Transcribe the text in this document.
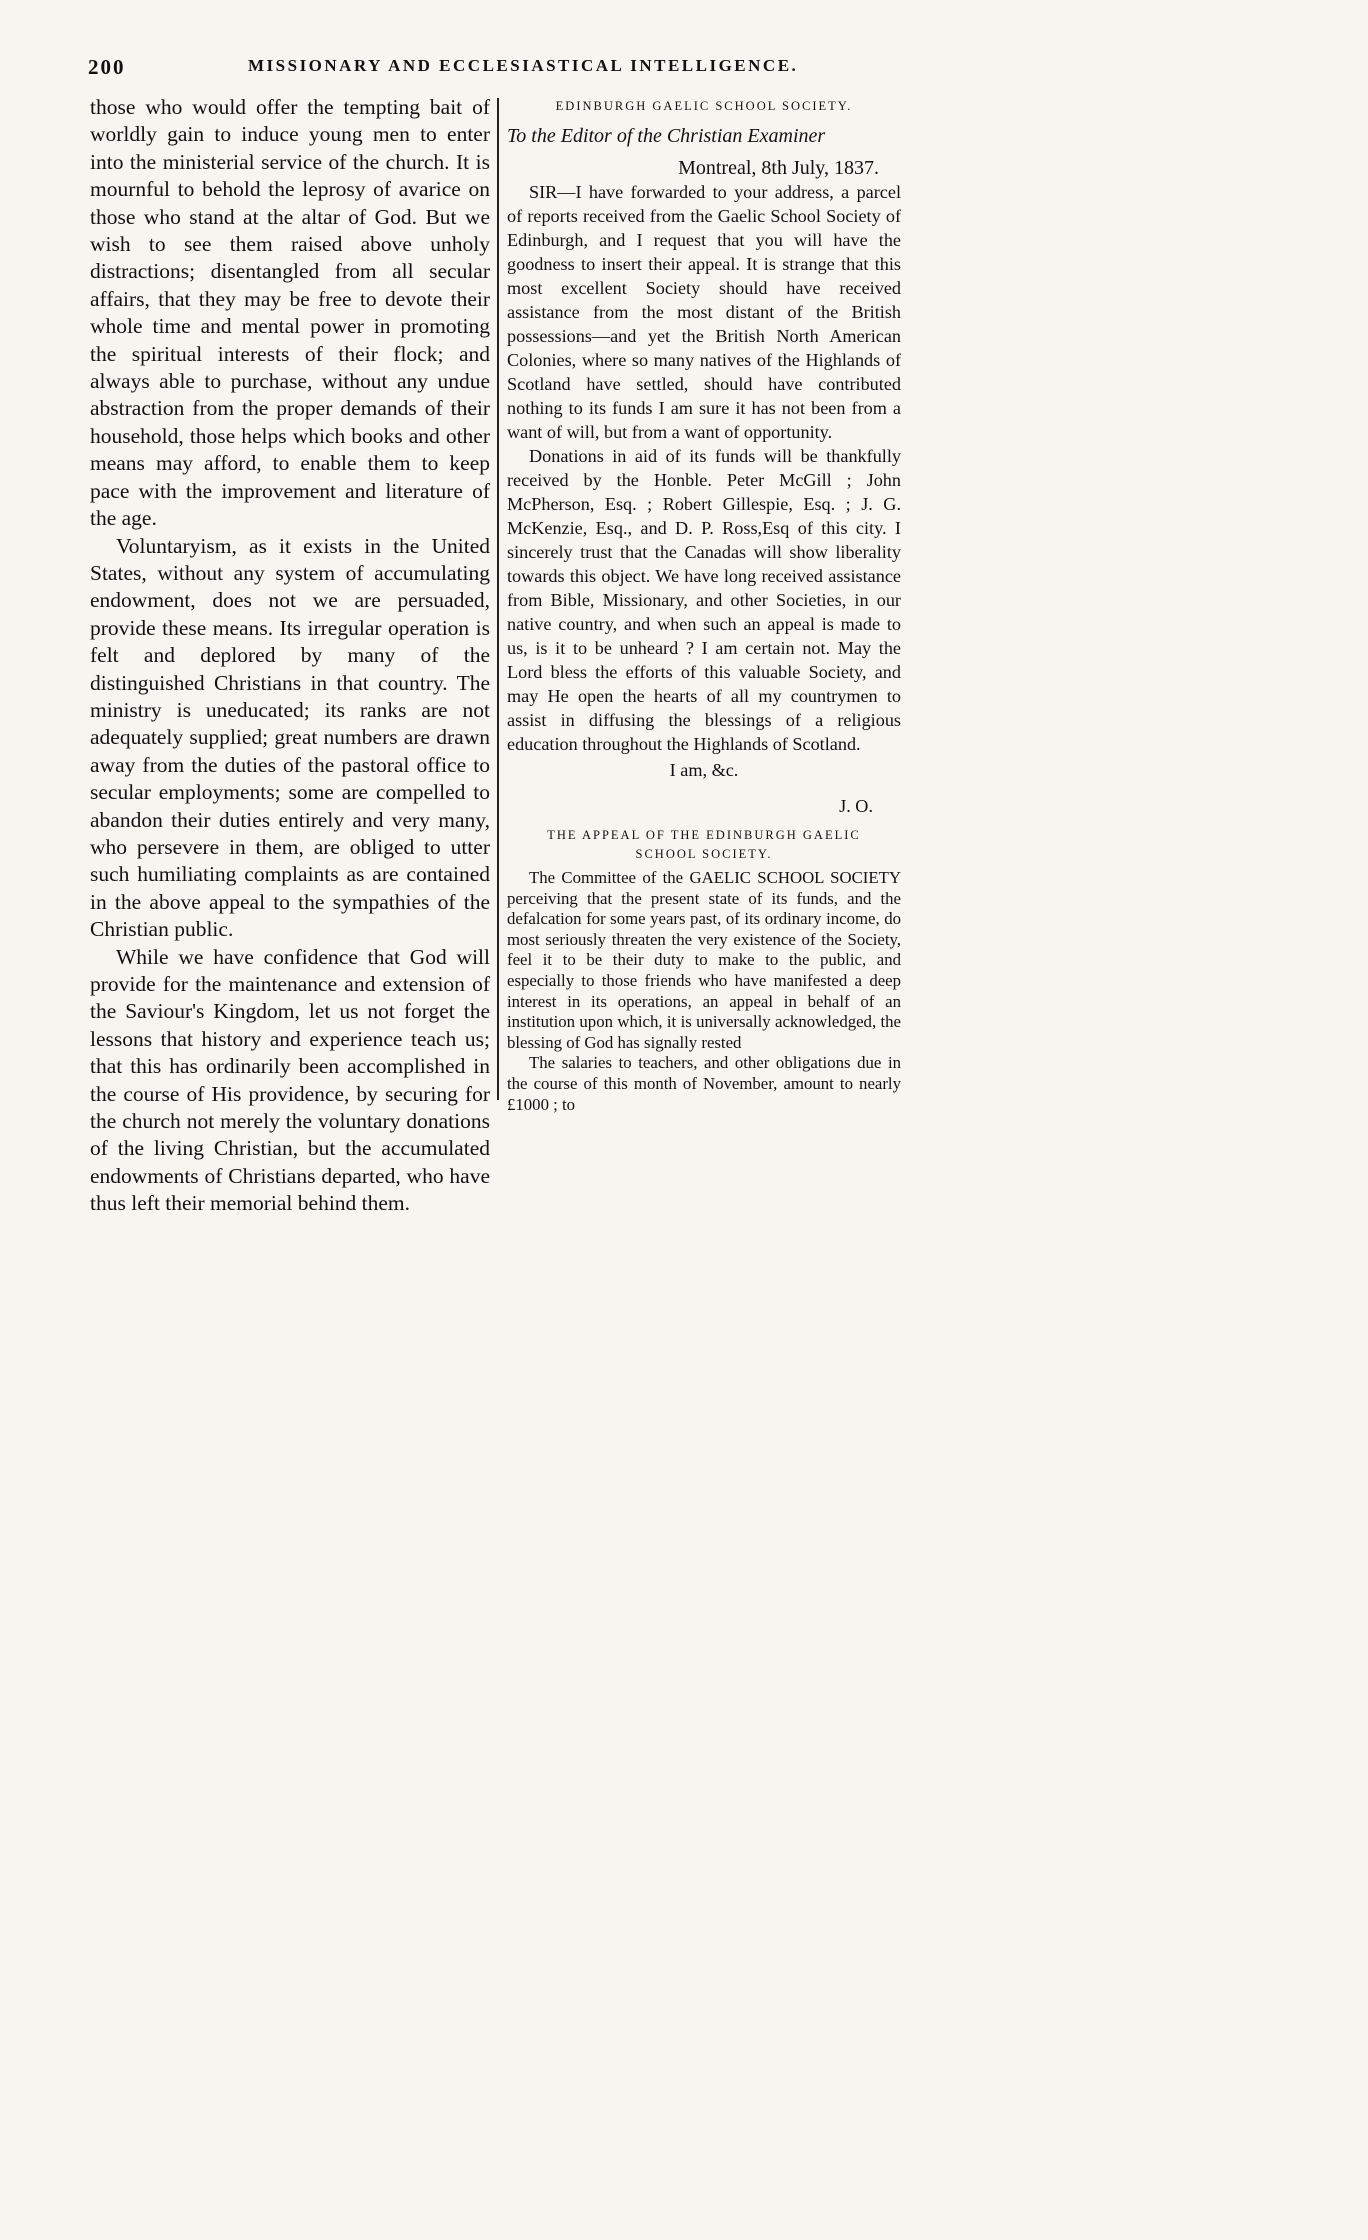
200	MISSIONARY AND ECCLESIASTICAL INTELLIGENCE.

those who would offer the tempting bait of worldly gain to induce young men to enter into the ministerial service of the church. It is mournful to behold the leprosy of avarice on those who stand at the altar of God. But we wish to see them raised above unholy distractions; disentangled from all secular affairs, that they may be free to devote their whole time and mental power in promoting the spiritual interests of their flock; and always able to purchase, without any undue abstraction from the proper demands of their household, those helps which books and other means may afford, to enable them to keep pace with the improvement and literature of the age.

Voluntaryism, as it exists in the United States, without any system of accumulating endowment, does not we are persuaded, provide these means. Its irregular operation is felt and deplored by many of the distinguished Christians in that country. The ministry is uneducated; its ranks are not adequately supplied; great numbers are drawn away from the duties of the pastoral office to secular employments; some are compelled to abandon their duties entirely and very many, who persevere in them, are obliged to utter such humiliating complaints as are contained in the above appeal to the sympathies of the Christian public.

While we have confidence that God will provide for the maintenance and extension of the Saviour's Kingdom, let us not forget the lessons that history and experience teach us; that this has ordinarily been accomplished in the course of His providence, by securing for the church not merely the voluntary donations of the living Christian, but the accumulated endowments of Christians departed, who have thus left their memorial behind them.

EDINBURGH GAELIC SCHOOL SOCIETY.

To the Editor of the Christian Examiner

Montreal, 8th July, 1837.

SIR—I have forwarded to your address, a parcel of reports received from the Gaelic School Society of Edinburgh, and I request that you will have the goodness to insert their appeal. It is strange that this most excellent Society should have received assistance from the most distant of the British possessions—and yet the British North American Colonies, where so many natives of the Highlands of Scotland have settled, should have contributed nothing to its funds I am sure it has not been from a want of will, but from a want of opportunity.

Donations in aid of its funds will be thankfully received by the Honble. Peter McGill ; John McPherson, Esq. ; Robert Gillespie, Esq. ; J. G. McKenzie, Esq., and D. P. Ross,Esq of this city. I sincerely trust that the Canadas will show liberality towards this object. We have long received assistance from Bible, Missionary, and other Societies, in our native country, and when such an appeal is made to us, is it to be unheard ? I am certain not. May the Lord bless the efforts of this valuable Society, and may He open the hearts of all my countrymen to assist in diffusing the blessings of a religious education throughout the Highlands of Scotland.

I am, &c.

J. O.

THE APPEAL OF THE EDINBURGH GAELIC
SCHOOL SOCIETY.

The Committee of the GAELIC SCHOOL SOCIETY perceiving that the present state of its funds, and the defalcation for some years past, of its ordinary income, do most seriously threaten the very existence of the Society, feel it to be their duty to make to the public, and especially to those friends who have manifested a deep interest in its operations, an appeal in behalf of an institution upon which, it is universally acknowledged, the blessing of God has signally rested

The salaries to teachers, and other obligations due in the course of this month of November, amount to nearly £1000 ; to
